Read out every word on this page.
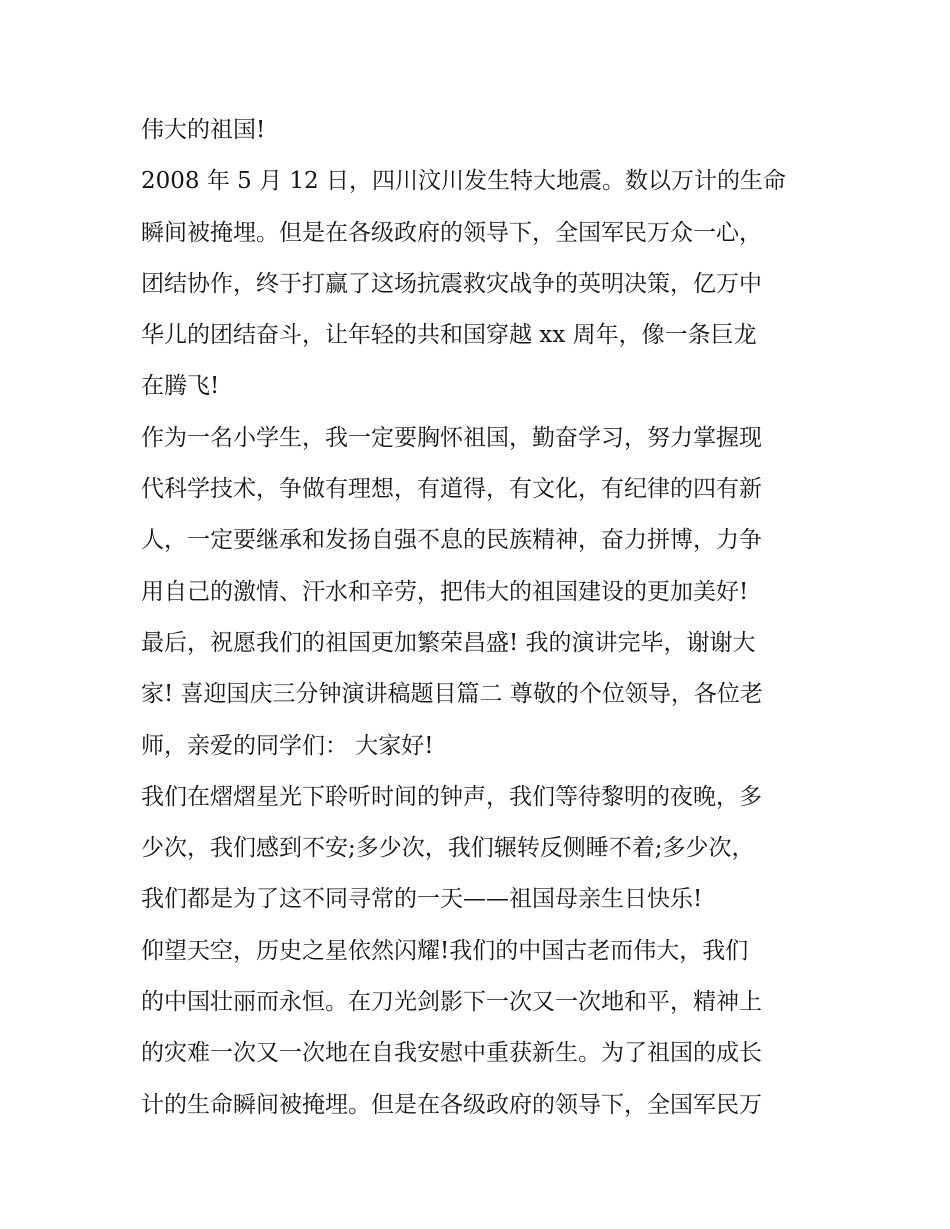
伟大的祖国!
2008 年 5 月 12 日，四川汶川发生特大地震。数以万计的生命
瞬间被掩埋。但是在各级政府的领导下，全国军民万众一心，
团结协作，终于打赢了这场抗震救灾战争的英明决策，亿万中
华儿的团结奋斗，让年轻的共和国穿越 xx 周年，像一条巨龙
在腾飞!
作为一名小学生，我一定要胸怀祖国，勤奋学习，努力掌握现
代科学技术，争做有理想，有道得，有文化，有纪律的四有新
人，一定要继承和发扬自强不息的民族精神，奋力拼博，力争
用自己的激情、汗水和辛劳，把伟大的祖国建设的更加美好!
最后，祝愿我们的祖国更加繁荣昌盛! 我的演讲完毕，谢谢大
家! 喜迎国庆三分钟演讲稿题目篇二 尊敬的个位领导，各位老
师，亲爱的同学们： 大家好!
我们在熠熠星光下聆听时间的钟声，我们等待黎明的夜晚，多
少次，我们感到不安;多少次，我们辗转反侧睡不着;多少次，
我们都是为了这不同寻常的一天——祖国母亲生日快乐!
仰望天空，历史之星依然闪耀!我们的中国古老而伟大，我们
的中国壮丽而永恒。在刀光剑影下一次又一次地和平，精神上
的灾难一次又一次地在自我安慰中重获新生。为了祖国的成长
计的生命瞬间被掩埋。但是在各级政府的领导下，全国军民万
